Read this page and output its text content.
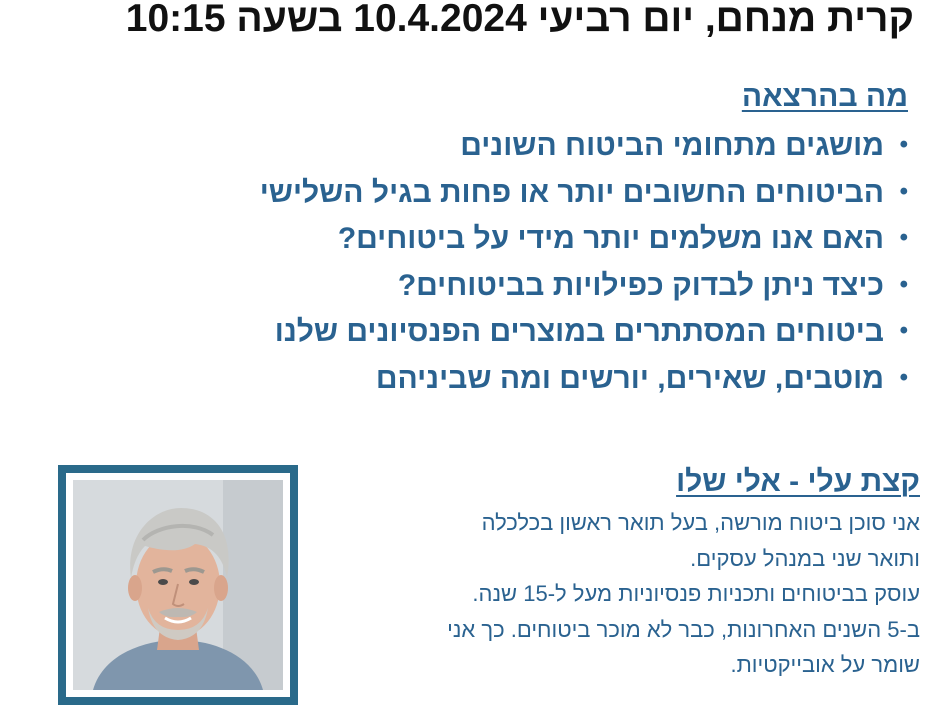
קרית מנחם, יום רביעי 10.4.2024 בשעה 10:15
מה בהרצאה
•מושגים מתחומי הביטוח השונים
•הביטוחים החשובים יותר או פחות בגיל השלישי
•האם אנו משלמים יותר מידי על ביטוחים?
•כיצד ניתן לבדוק כפילויות בביטוחים?
•ביטוחים המסתתרים במוצרים הפנסיונים שלנו
•מוטבים, שאירים, יורשים ומה שביניהם
קצת עלי - אלי שלו
אני סוכן ביטוח מורשה, בעל תואר ראשון בכלכלה
ותואר שני במנהל עסקים.
עוסק בביטוחים ותכניות פנסיוניות מעל ל-15 שנה.
ב-5 השנים האחרונות, כבר לא מוכר ביטוחים. כך אני
שומר על אובייקטיות.
